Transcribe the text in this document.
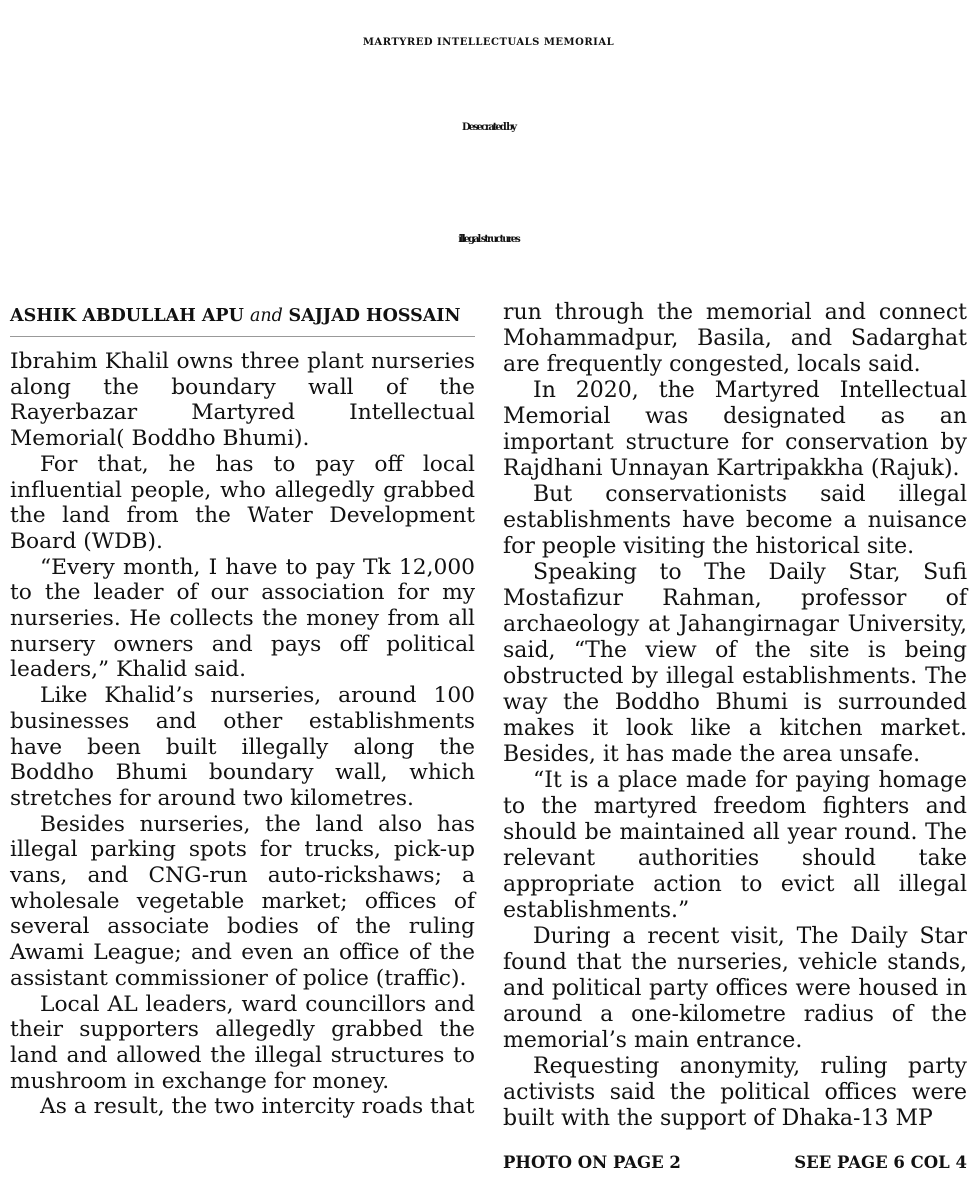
MARTYRED INTELLECTUALS MEMORIAL
Desecrated by
illegal structures
ASHIK ABDULLAH APU and SAJJAD HOSSAIN

Ibrahim Khalil owns three plant nurseries along the boundary wall of the Rayerbazar Martyred Intellectual Memorial( Boddho Bhumi).

For that, he has to pay off local influential people, who allegedly grabbed the land from the Water Development Board (WDB).

“Every month, I have to pay Tk 12,000 to the leader of our association for my nurseries. He collects the money from all nursery owners and pays off political leaders,” Khalid said.

Like Khalid’s nurseries, around 100 businesses and other establishments have been built illegally along the Boddho Bhumi boundary wall, which stretches for around two kilometres.

Besides nurseries, the land also has illegal parking spots for trucks, pick-up vans, and CNG-run auto-rickshaws; a wholesale vegetable market; offices of several associate bodies of the ruling Awami League; and even an office of the assistant commissioner of police (traffic).

Local AL leaders, ward councillors and their supporters allegedly grabbed the land and allowed the illegal structures to mushroom in exchange for money.

As a result, the two intercity roads that

run through the memorial and connect Mohammadpur, Basila, and Sadarghat are frequently congested, locals said.

In 2020, the Martyred Intellectual Memorial was designated as an important structure for conservation by Rajdhani Unnayan Kartripakkha (Rajuk).

But conservationists said illegal establishments have become a nuisance for people visiting the historical site.

Speaking to The Daily Star, Sufi Mostafizur Rahman, professor of archaeology at Jahangirnagar University, said, “The view of the site is being obstructed by illegal establishments. The way the Boddho Bhumi is surrounded makes it look like a kitchen market. Besides, it has made the area unsafe.

“It is a place made for paying homage to the martyred freedom fighters and should be maintained all year round. The relevant authorities should take appropriate action to evict all illegal establishments.”

During a recent visit, The Daily Star found that the nurseries, vehicle stands, and political party offices were housed in around a one-kilometre radius of the memorial’s main entrance.

Requesting anonymity, ruling party activists said the political offices were built with the support of Dhaka-13 MP

PHOTO ON PAGE 2	SEE PAGE 6 COL 4
